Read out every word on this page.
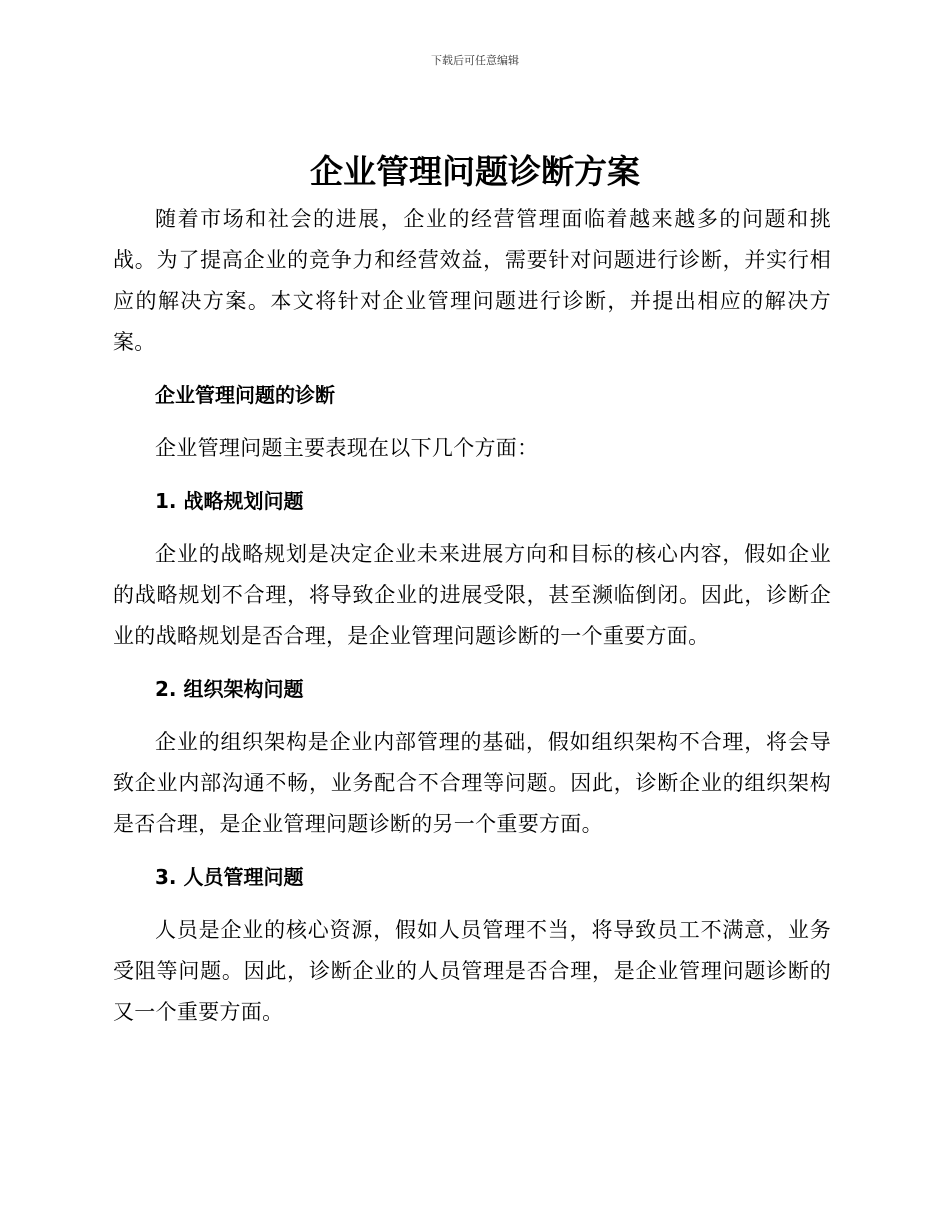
下载后可任意编辑
企业管理问题诊断方案

随着市场和社会的进展，企业的经营管理面临着越来越多的问题和挑战。为了提高企业的竞争力和经营效益，需要针对问题进行诊断，并实行相应的解决方案。本文将针对企业管理问题进行诊断，并提出相应的解决方案。

企业管理问题的诊断

企业管理问题主要表现在以下几个方面：

1. 战略规划问题

企业的战略规划是决定企业未来进展方向和目标的核心内容，假如企业的战略规划不合理，将导致企业的进展受限，甚至濒临倒闭。因此，诊断企业的战略规划是否合理，是企业管理问题诊断的一个重要方面。

2. 组织架构问题

企业的组织架构是企业内部管理的基础，假如组织架构不合理，将会导致企业内部沟通不畅，业务配合不合理等问题。因此，诊断企业的组织架构是否合理，是企业管理问题诊断的另一个重要方面。

3. 人员管理问题

人员是企业的核心资源，假如人员管理不当，将导致员工不满意，业务受阻等问题。因此，诊断企业的人员管理是否合理，是企业管理问题诊断的又一个重要方面。
